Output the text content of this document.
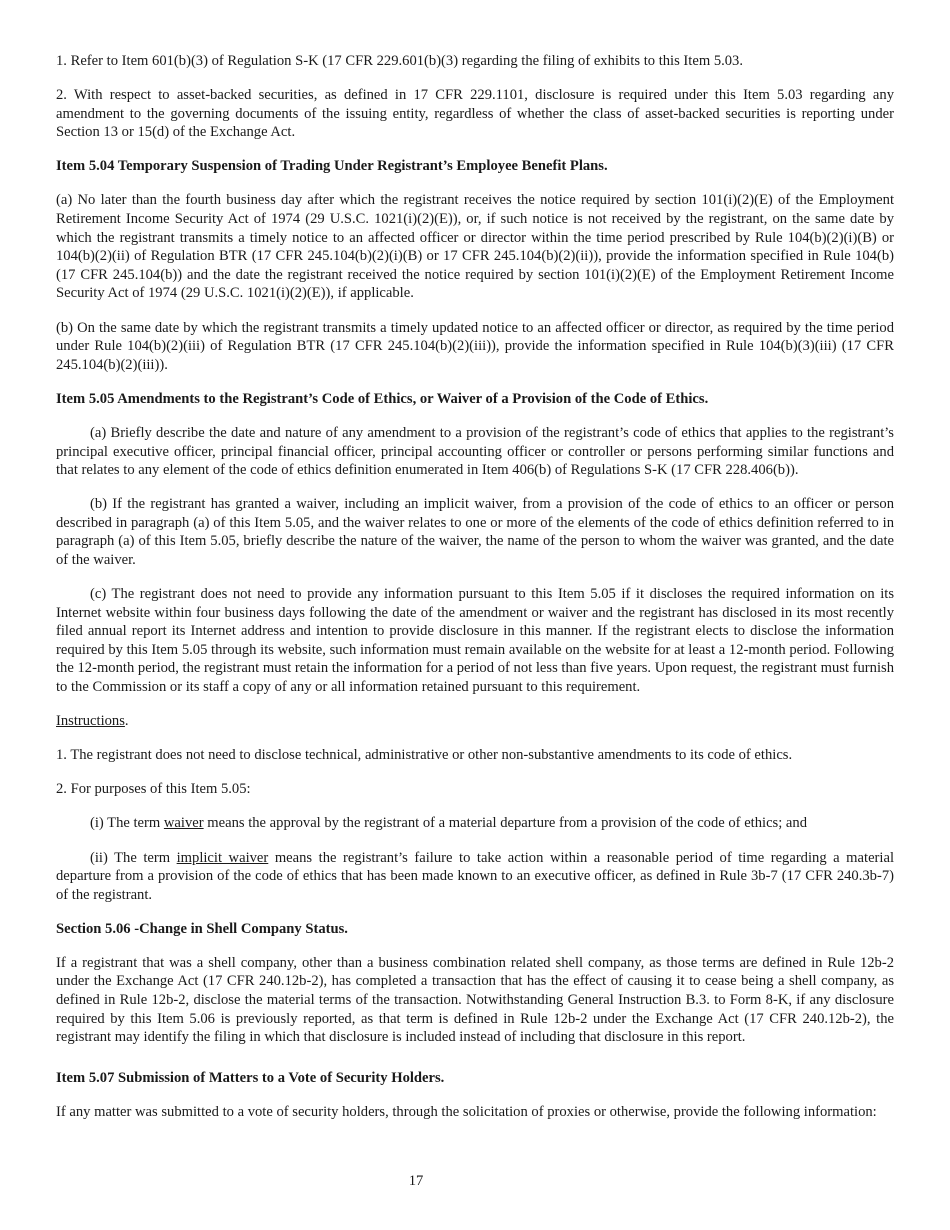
1. Refer to Item 601(b)(3) of Regulation S-K (17 CFR 229.601(b)(3) regarding the filing of exhibits to this Item 5.03.

2. With respect to asset-backed securities, as defined in 17 CFR 229.1101, disclosure is required under this Item 5.03 regarding any amendment to the governing documents of the issuing entity, regardless of whether the class of asset-backed securities is reporting under Section 13 or 15(d) of the Exchange Act.

Item 5.04 Temporary Suspension of Trading Under Registrant’s Employee Benefit Plans.

(a) No later than the fourth business day after which the registrant receives the notice required by section 101(i)(2)(E) of the Employment Retirement Income Security Act of 1974 (29 U.S.C. 1021(i)(2)(E)), or, if such notice is not received by the registrant, on the same date by which the registrant transmits a timely notice to an affected officer or director within the time period prescribed by Rule 104(b)(2)(i)(B) or 104(b)(2)(ii) of Regulation BTR (17 CFR 245.104(b)(2)(i)(B) or 17 CFR 245.104(b)(2)(ii)), provide the information specified in Rule 104(b) (17 CFR 245.104(b)) and the date the registrant received the notice required by section 101(i)(2)(E) of the Employment Retirement Income Security Act of 1974 (29 U.S.C. 1021(i)(2)(E)), if applicable.

(b) On the same date by which the registrant transmits a timely updated notice to an affected officer or director, as required by the time period under Rule 104(b)(2)(iii) of Regulation BTR (17 CFR 245.104(b)(2)(iii)), provide the information specified in Rule 104(b)(3)(iii) (17 CFR 245.104(b)(2)(iii)).

Item 5.05 Amendments to the Registrant’s Code of Ethics, or Waiver of a Provision of the Code of Ethics.

(a) Briefly describe the date and nature of any amendment to a provision of the registrant’s code of ethics that applies to the registrant’s principal executive officer, principal financial officer, principal accounting officer or controller or persons performing similar functions and that relates to any element of the code of ethics definition enumerated in Item 406(b) of Regulations S-K (17 CFR 228.406(b)).

(b) If the registrant has granted a waiver, including an implicit waiver, from a provision of the code of ethics to an officer or person described in paragraph (a) of this Item 5.05, and the waiver relates to one or more of the elements of the code of ethics definition referred to in paragraph (a) of this Item 5.05, briefly describe the nature of the waiver, the name of the person to whom the waiver was granted, and the date of the waiver.

(c) The registrant does not need to provide any information pursuant to this Item 5.05 if it discloses the required information on its Internet website within four business days following the date of the amendment or waiver and the registrant has disclosed in its most recently filed annual report its Internet address and intention to provide disclosure in this manner. If the registrant elects to disclose the information required by this Item 5.05 through its website, such information must remain available on the website for at least a 12-month period. Following the 12-month period, the registrant must retain the information for a period of not less than five years. Upon request, the registrant must furnish to the Commission or its staff a copy of any or all information retained pursuant to this requirement.

Instructions.

1. The registrant does not need to disclose technical, administrative or other non-substantive amendments to its code of ethics.

2. For purposes of this Item 5.05:

(i) The term waiver means the approval by the registrant of a material departure from a provision of the code of ethics; and

(ii) The term implicit waiver means the registrant’s failure to take action within a reasonable period of time regarding a material departure from a provision of the code of ethics that has been made known to an executive officer, as defined in Rule 3b-7 (17 CFR 240.3b-7) of the registrant.

Section 5.06 -Change in Shell Company Status.

If a registrant that was a shell company, other than a business combination related shell company, as those terms are defined in Rule 12b-2 under the Exchange Act (17 CFR 240.12b-2), has completed a transaction that has the effect of causing it to cease being a shell company, as defined in Rule 12b-2, disclose the material terms of the transaction. Notwithstanding General Instruction B.3. to Form 8-K, if any disclosure required by this Item 5.06 is previously reported, as that term is defined in Rule 12b-2 under the Exchange Act (17 CFR 240.12b-2), the registrant may identify the filing in which that disclosure is included instead of including that disclosure in this report.

Item 5.07 Submission of Matters to a Vote of Security Holders.

If any matter was submitted to a vote of security holders, through the solicitation of proxies or otherwise, provide the following information:

17
